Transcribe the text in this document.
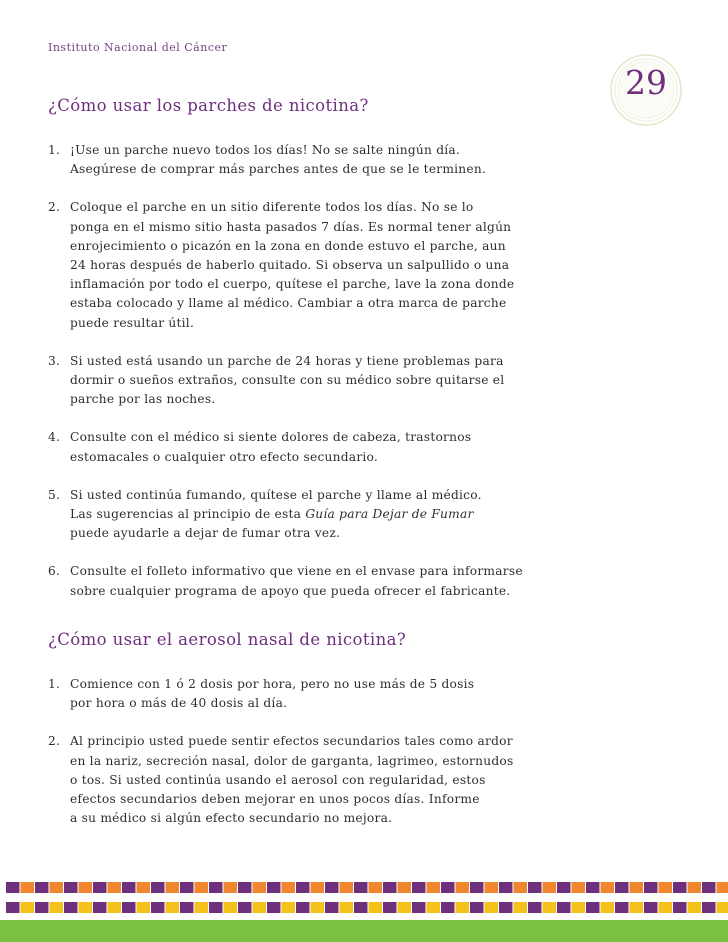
Instituto Nacional del Cáncer
29
¿Cómo usar los parches de nicotina?
1. ¡Use un parche nuevo todos los días! No se salte ningún día.
Asegúrese de comprar más parches antes de que se le terminen.
2. Coloque el parche en un sitio diferente todos los días. No se lo
ponga en el mismo sitio hasta pasados 7 días. Es normal tener algún
enrojecimiento o picazón en la zona en donde estuvo el parche, aun
24 horas después de haberlo quitado. Si observa un salpullido o una
inflamación por todo el cuerpo, quítese el parche, lave la zona donde
estaba colocado y llame al médico. Cambiar a otra marca de parche
puede resultar útil.
3. Si usted está usando un parche de 24 horas y tiene problemas para
dormir o sueños extraños, consulte con su médico sobre quitarse el
parche por las noches.
4. Consulte con el médico si siente dolores de cabeza, trastornos
estomacales o cualquier otro efecto secundario.
5. Si usted continúa fumando, quítese el parche y llame al médico.
Las sugerencias al principio de esta Guía para Dejar de Fumar
puede ayudarle a dejar de fumar otra vez.
6. Consulte el folleto informativo que viene en el envase para informarse
sobre cualquier programa de apoyo que pueda ofrecer el fabricante.
¿Cómo usar el aerosol nasal de nicotina?
1. Comience con 1 ó 2 dosis por hora, pero no use más de 5 dosis
por hora o más de 40 dosis al día.
2. Al principio usted puede sentir efectos secundarios tales como ardor
en la nariz, secreción nasal, dolor de garganta, lagrimeo, estornudos
o tos. Si usted continúa usando el aerosol con regularidad, estos
efectos secundarios deben mejorar en unos pocos días. Informe
a su médico si algún efecto secundario no mejora.
